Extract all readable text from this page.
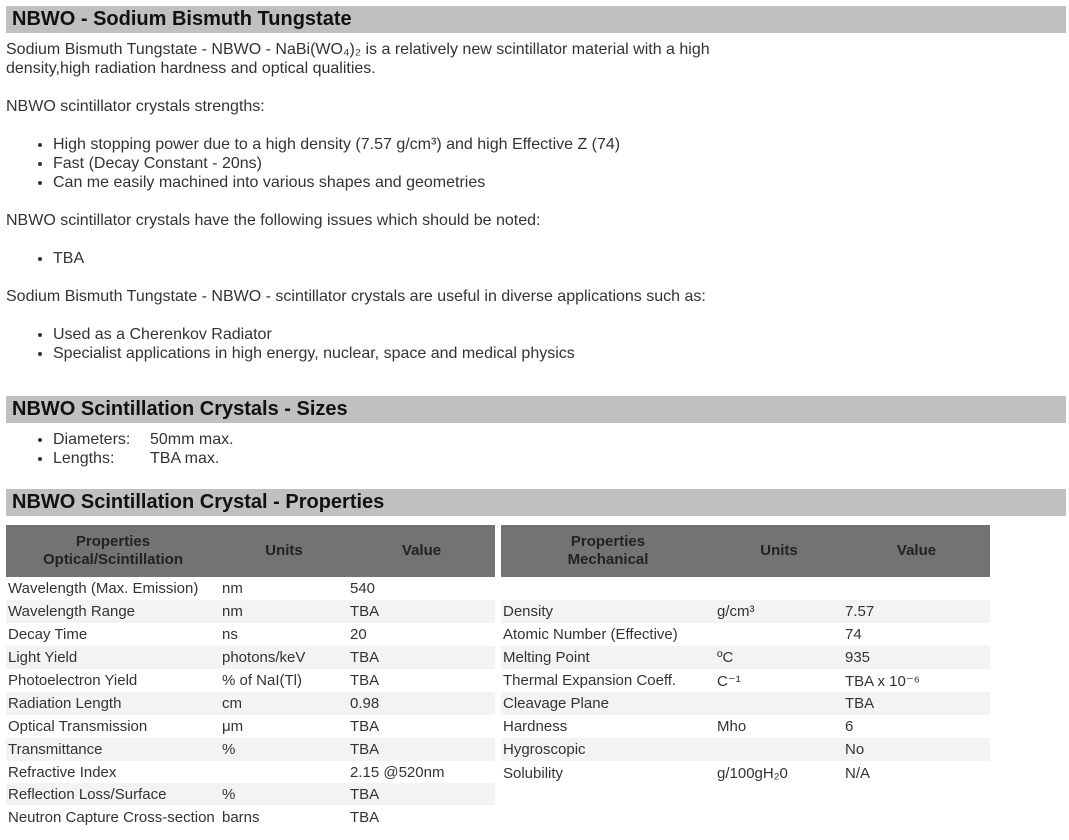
NBWO - Sodium Bismuth Tungstate
Sodium Bismuth Tungstate - NBWO - NaBi(WO₄)₂ is a relatively new scintillator material with a high density,high radiation hardness and optical qualities.
NBWO scintillator crystals strengths:
• High stopping power due to a high density (7.57 g/cm³) and high Effective Z (74)
• Fast (Decay Constant - 20ns)
• Can me easily machined into various shapes and geometries
NBWO scintillator crystals have the following issues which should be noted:
• TBA
Sodium Bismuth Tungstate - NBWO - scintillator crystals are useful in diverse applications such as:
• Used as a Cherenkov Radiator
• Specialist applications in high energy, nuclear, space and medical physics
NBWO Scintillation Crystals - Sizes
• Diameters: 50mm max.
• Lengths: TBA max.
NBWO Scintillation Crystal - Properties
Properties
Optical/Scintillation	Units	Value
Wavelength (Max. Emission)	nm	540
Wavelength Range	nm	TBA
Decay Time	ns	20
Light Yield	photons/keV	TBA
Photoelectron Yield	% of NaI(Tl)	TBA
Radiation Length	cm	0.98
Optical Transmission	μm	TBA
Transmittance	%	TBA
Refractive Index		2.15 @520nm
Reflection Loss/Surface	%	TBA
Neutron Capture Cross-section	barns	TBA
Properties
Mechanical	Units	Value

Density	g/cm³	7.57
Atomic Number (Effective)		74
Melting Point	ºC	935
Thermal Expansion Coeff.	C⁻¹	TBA x 10⁻⁶
Cleavage Plane		TBA
Hardness	Mho	6
Hygroscopic		No
Solubility	g/100gH₂0	N/A
